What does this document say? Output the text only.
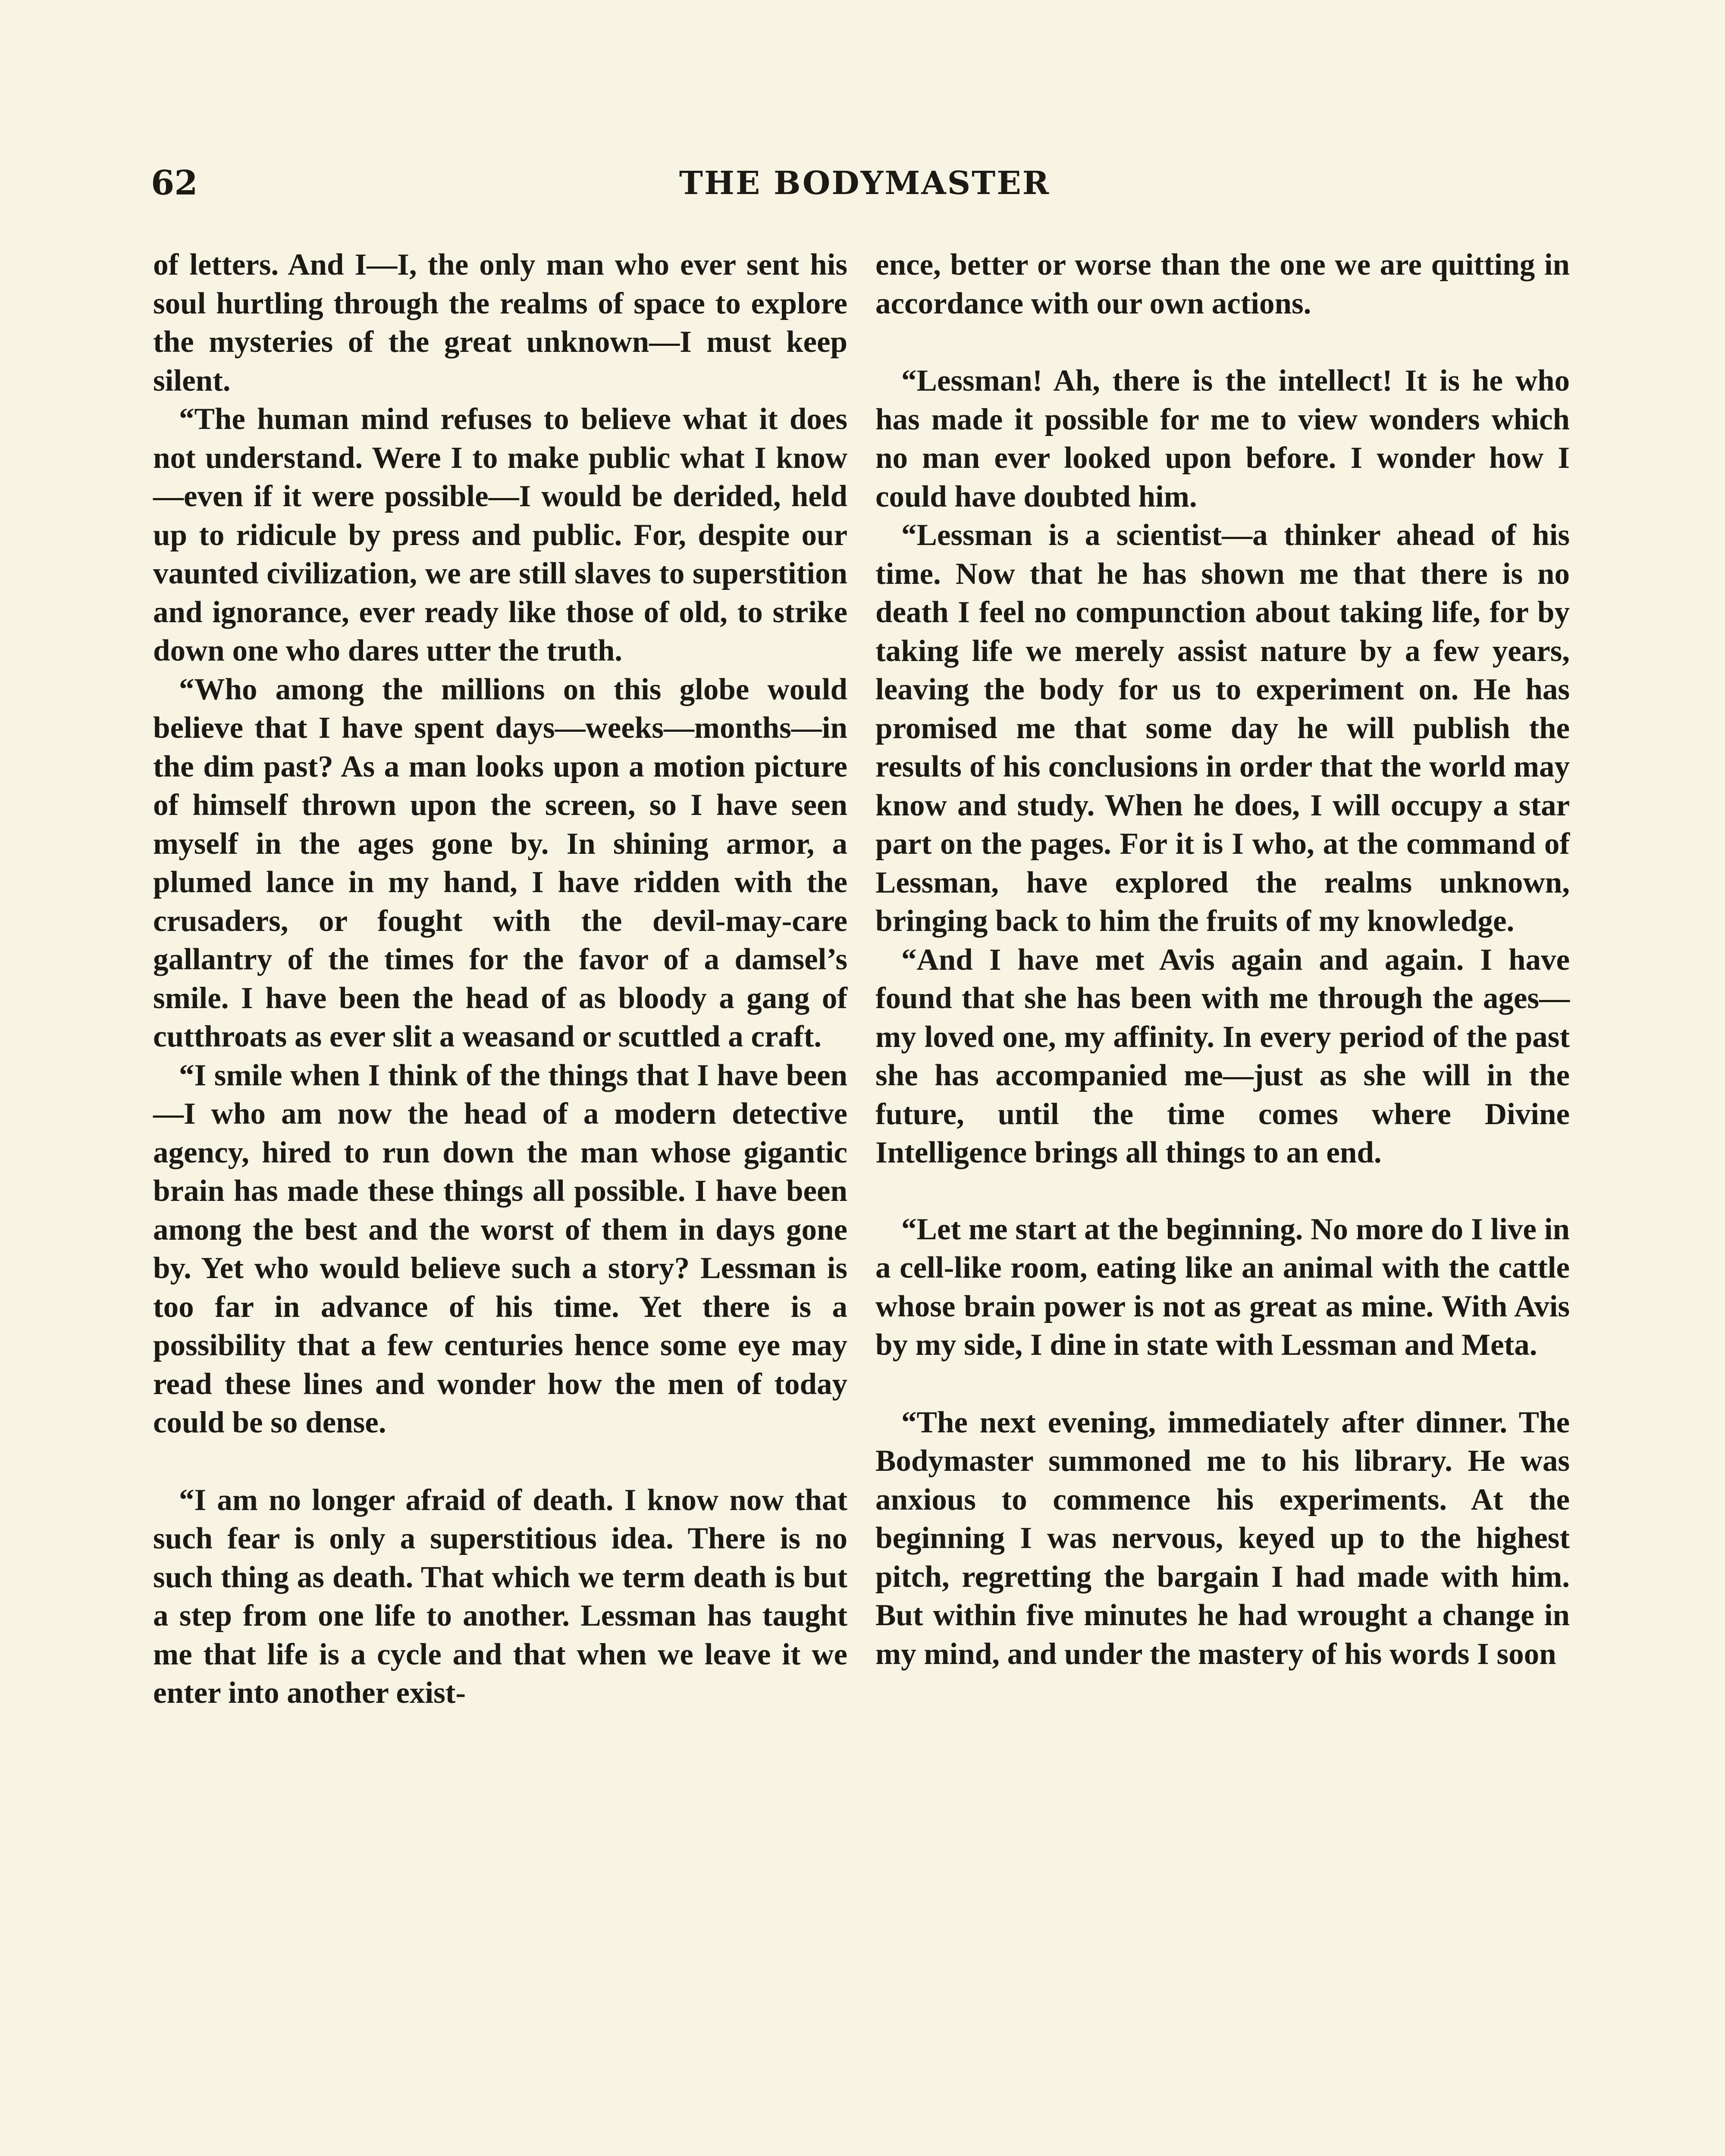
62	THE BODYMASTER

of letters. And I—I, the only man who ever sent his soul hurtling through the realms of space to explore the mysteries of the great unknown—I must keep silent.

“The human mind refuses to believe what it does not understand. Were I to make public what I know —even if it were possible—I would be derided, held up to ridicule by press and public. For, despite our vaunted civilization, we are still slaves to superstition and ignorance, ever ready like those of old, to strike down one who dares utter the truth.

“Who among the millions on this globe would believe that I have spent days—weeks—months—in the dim past? As a man looks upon a motion picture of himself thrown upon the screen, so I have seen myself in the ages gone by. In shining armor, a plumed lance in my hand, I have ridden with the crusaders, or fought with the devil-may-care gallantry of the times for the favor of a damsel’s smile. I have been the head of as bloody a gang of cutthroats as ever slit a weasand or scuttled a craft.

“I smile when I think of the things that I have been—I who am now the head of a modern detective agency, hired to run down the man whose gigantic brain has made these things all possible. I have been among the best and the worst of them in days gone by. Yet who would believe such a story? Lessman is too far in advance of his time. Yet there is a possibility that a few centuries hence some eye may read these lines and wonder how the men of today could be so dense.

“I am no longer afraid of death. I know now that such fear is only a superstitious idea. There is no such thing as death. That which we term death is but a step from one life to another. Lessman has taught me that life is a cycle and that when we leave it we enter into another exist-

ence, better or worse than the one we are quitting in accordance with our own actions.

“Lessman! Ah, there is the intellect! It is he who has made it possible for me to view wonders which no man ever looked upon before. I wonder how I could have doubted him.

“Lessman is a scientist—a thinker ahead of his time. Now that he has shown me that there is no death I feel no compunction about taking life, for by taking life we merely assist nature by a few years, leaving the body for us to experiment on. He has promised me that some day he will publish the results of his conclusions in order that the world may know and study. When he does, I will occupy a star part on the pages. For it is I who, at the command of Lessman, have explored the realms unknown, bringing back to him the fruits of my knowledge.

“And I have met Avis again and again. I have found that she has been with me through the ages—my loved one, my affinity. In every period of the past she has accompanied me—just as she will in the future, until the time comes where Divine Intelligence brings all things to an end.

“Let me start at the beginning. No more do I live in a cell-like room, eating like an animal with the cattle whose brain power is not as great as mine. With Avis by my side, I dine in state with Lessman and Meta.

“The next evening, immediately after dinner. The Bodymaster summoned me to his library. He was anxious to commence his experiments. At the beginning I was nervous, keyed up to the highest pitch, regretting the bargain I had made with him. But within five minutes he had wrought a change in my mind, and under the mastery of his words I soon
